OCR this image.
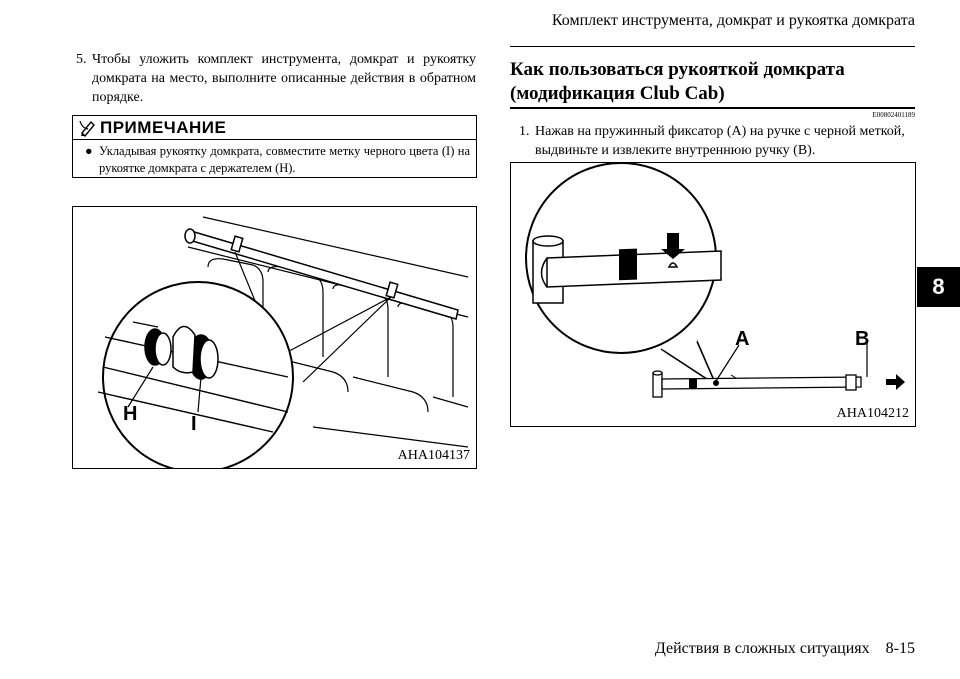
Комплект инструмента, домкрат и рукоятка домкрата
8
5. Чтобы уложить комплект инструмента, домкрат и рукоятку домкрата на место, выполните описанные действия в обратном порядке.
ПРИМЕЧАНИЕ
● Укладывая рукоятку домкрата, совместите метку черного цвета (I) на рукоятке домкрата с держателем (H).
H	I
AHA104137
Как пользоваться рукояткой домкрата
(модификация Club Cab)
E00802401189
1. Нажав на пружинный фиксатор (A) на ручке с черной меткой, выдвиньте и извлеките внутреннюю ручку (B).
A	B
AHA104212
Действия в сложных ситуациях 8-15
